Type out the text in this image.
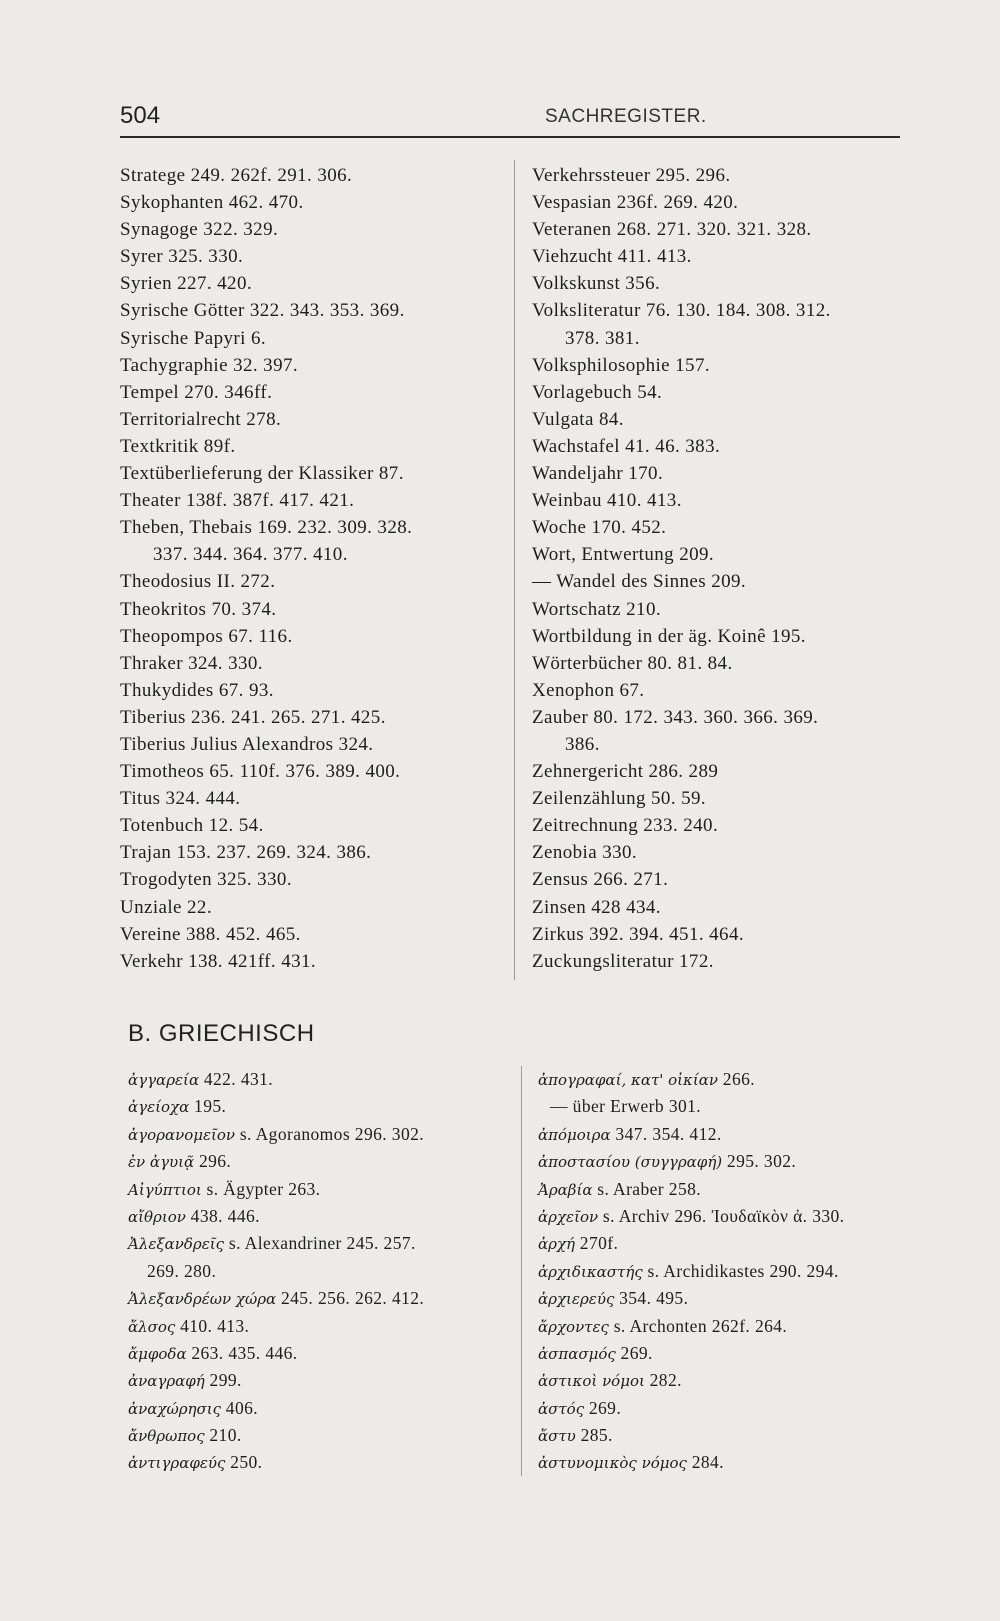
504	SACHREGISTER.
Stratege 249. 262f. 291. 306.
Sykophanten 462. 470.
Synagoge 322. 329.
Syrer 325. 330.
Syrien 227. 420.
Syrische Götter 322. 343. 353. 369.
Syrische Papyri 6.
Tachygraphie 32. 397.
Tempel 270. 346ff.
Territorialrecht 278.
Textkritik 89f.
Textüberlieferung der Klassiker 87.
Theater 138f. 387f. 417. 421.
Theben, Thebais 169. 232. 309. 328.
337. 344. 364. 377. 410.
Theodosius II. 272.
Theokritos 70. 374.
Theopompos 67. 116.
Thraker 324. 330.
Thukydides 67. 93.
Tiberius 236. 241. 265. 271. 425.
Tiberius Julius Alexandros 324.
Timotheos 65. 110f. 376. 389. 400.
Titus 324. 444.
Totenbuch 12. 54.
Trajan 153. 237. 269. 324. 386.
Trogodyten 325. 330.
Unziale 22.
Vereine 388. 452. 465.
Verkehr 138. 421ff. 431.
Verkehrssteuer 295. 296.
Vespasian 236f. 269. 420.
Veteranen 268. 271. 320. 321. 328.
Viehzucht 411. 413.
Volkskunst 356.
Volksliteratur 76. 130. 184. 308. 312.
378. 381.
Volksphilosophie 157.
Vorlagebuch 54.
Vulgata 84.
Wachstafel 41. 46. 383.
Wandeljahr 170.
Weinbau 410. 413.
Woche 170. 452.
Wort, Entwertung 209.
— Wandel des Sinnes 209.
Wortschatz 210.
Wortbildung in der äg. Koinê 195.
Wörterbücher 80. 81. 84.
Xenophon 67.
Zauber 80. 172. 343. 360. 366. 369.
386.
Zehnergericht 286. 289
Zeilenzählung 50. 59.
Zeitrechnung 233. 240.
Zenobia 330.
Zensus 266. 271.
Zinsen 428 434.
Zirkus 392. 394. 451. 464.
Zuckungsliteratur 172.
B. GRIECHISCH
ἀγγαρεία 422. 431.
ἀγείοχα 195.
ἀγορανομεῖον s. Agoranomos 296. 302.
ἐν ἀγυιᾷ 296.
Αἰγύπτιοι s. Ägypter 263.
αἴθριον 438. 446.
Ἀλεξανδρεῖς s. Alexandriner 245. 257.
269. 280.
Ἀλεξανδρέων χώρα 245. 256. 262. 412.
ἄλσος 410. 413.
ἄμφοδα 263. 435. 446.
ἀναγραφή 299.
ἀναχώρησις 406.
ἄνθρωπος 210.
ἀντιγραφεύς 250.
ἀπογραφαί, κατ' οἰκίαν 266.
— über Erwerb 301.
ἀπόμοιρα 347. 354. 412.
ἀποστασίου (συγγραφή) 295. 302.
Ἀραβία s. Araber 258.
ἀρχεῖον s. Archiv 296. Ἰουδαϊκὸν ἀ. 330.
ἀρχή 270f.
ἀρχιδικαστής s. Archidikastes 290. 294.
ἀρχιερεύς 354. 495.
ἄρχοντες s. Archonten 262f. 264.
ἀσπασμός 269.
ἀστικοὶ νόμοι 282.
ἀστός 269.
ἄστυ 285.
ἀστυνομικὸς νόμος 284.
